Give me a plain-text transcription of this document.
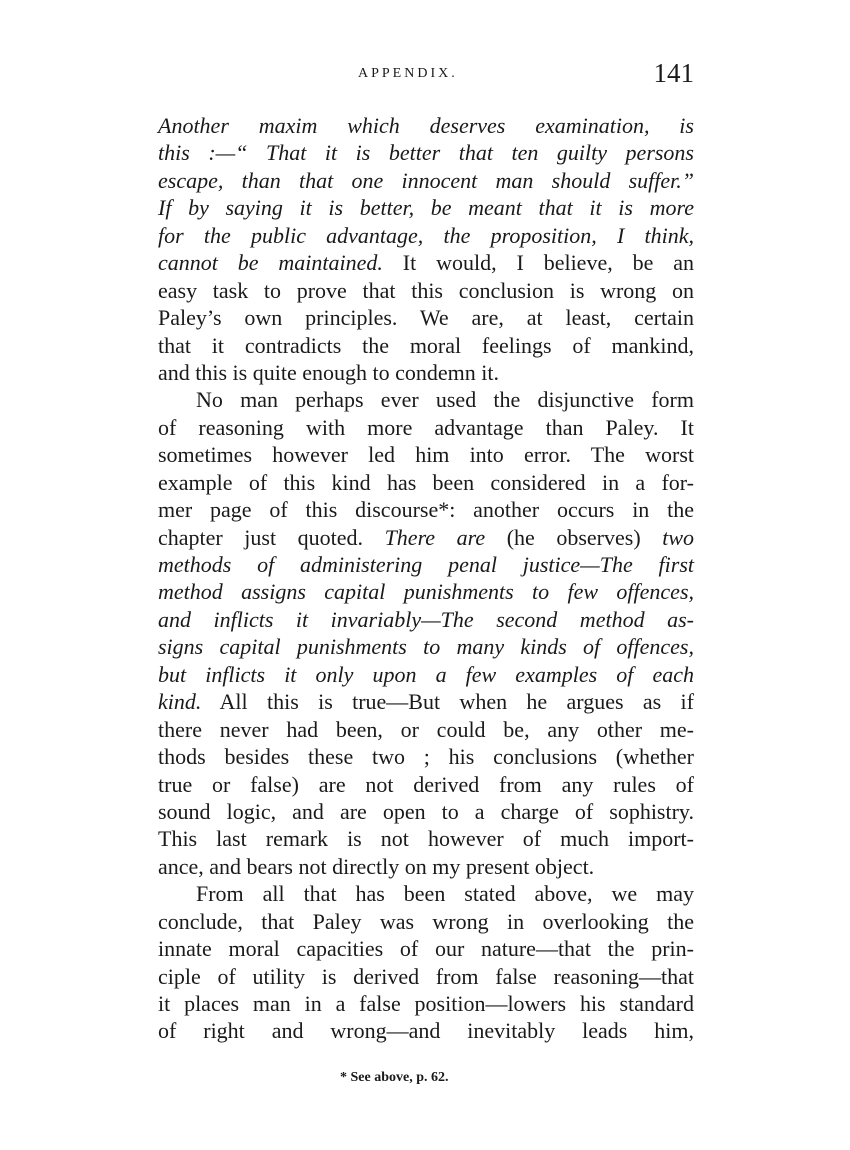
APPENDIX.	141
Another maxim which deserves examination, is
this :—“ That it is better that ten guilty persons
escape, than that one innocent man should suffer.”
If by saying it is better, be meant that it is more
for the public advantage, the proposition, I think,
cannot be maintained. It would, I believe, be an
easy task to prove that this conclusion is wrong on
Paley’s own principles. We are, at least, certain
that it contradicts the moral feelings of mankind,
and this is quite enough to condemn it.
No man perhaps ever used the disjunctive form
of reasoning with more advantage than Paley. It
sometimes however led him into error. The worst
example of this kind has been considered in a for-
mer page of this discourse*: another occurs in the
chapter just quoted. There are (he observes) two
methods of administering penal justice—The first
method assigns capital punishments to few offences,
and inflicts it invariably—The second method as-
signs capital punishments to many kinds of offences,
but inflicts it only upon a few examples of each
kind. All this is true—But when he argues as if
there never had been, or could be, any other me-
thods besides these two ; his conclusions (whether
true or false) are not derived from any rules of
sound logic, and are open to a charge of sophistry.
This last remark is not however of much import-
ance, and bears not directly on my present object.
From all that has been stated above, we may
conclude, that Paley was wrong in overlooking the
innate moral capacities of our nature—that the prin-
ciple of utility is derived from false reasoning—that
it places man in a false position—lowers his standard
of right and wrong—and inevitably leads him,
* See above, p. 62.
